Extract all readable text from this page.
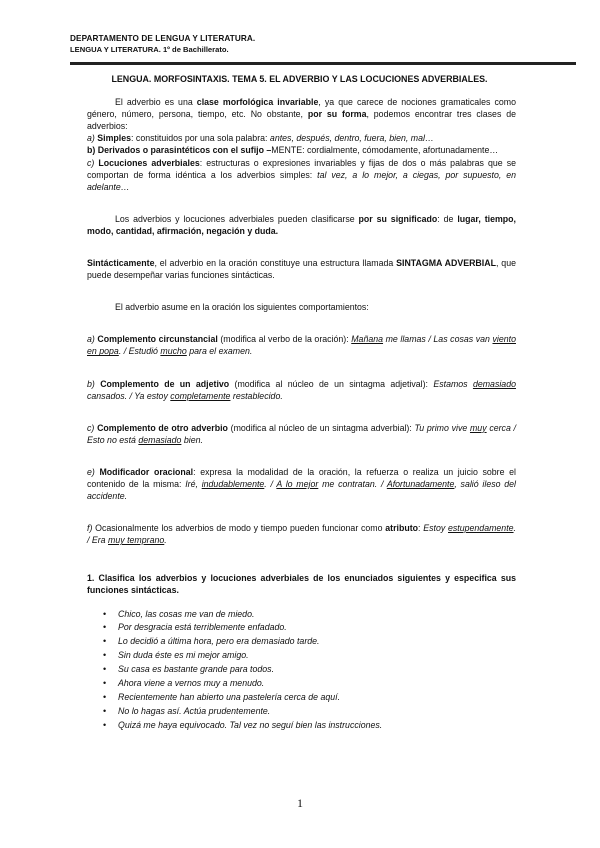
DEPARTAMENTO DE LENGUA Y LITERATURA.
LENGUA Y LITERATURA. 1º de Bachillerato.
LENGUA. MORFOSINTAXIS. TEMA 5. EL ADVERBIO Y LAS LOCUCIONES ADVERBIALES.

El adverbio es una clase morfológica invariable, ya que carece de nociones gramaticales como género, número, persona, tiempo, etc. No obstante, por su forma, podemos encontrar tres clases de adverbios:

a) Simples: constituidos por una sola palabra: antes, después, dentro, fuera, bien, mal…

b) Derivados o parasintéticos con el sufijo –MENTE: cordialmente, cómodamente, afortunadamente…

c) Locuciones adverbiales: estructuras o expresiones invariables y fijas de dos o más palabras que se comportan de forma idéntica a los adverbios simples: tal vez, a lo mejor, a ciegas, por supuesto, en adelante…

Los adverbios y locuciones adverbiales pueden clasificarse por su significado: de lugar, tiempo, modo, cantidad, afirmación, negación y duda.

Sintácticamente, el adverbio en la oración constituye una estructura llamada SINTAGMA ADVERBIAL, que puede desempeñar varias funciones sintácticas.

El adverbio asume en la oración los siguientes comportamientos:

a) Complemento circunstancial (modifica al verbo de la oración): Mañana me llamas / Las cosas van viento en popa. / Estudió mucho para el examen.

b) Complemento de un adjetivo (modifica al núcleo de un sintagma adjetival): Estamos demasiado cansados. / Ya estoy completamente restablecido.

c) Complemento de otro adverbio (modifica al núcleo de un sintagma adverbial): Tu primo vive muy cerca / Esto no está demasiado bien.

e) Modificador oracional: expresa la modalidad de la oración, la refuerza o realiza un juicio sobre el contenido de la misma: Iré, indudablemente. / A lo mejor me contratan. / Afortunadamente, salió ileso del accidente.

f) Ocasionalmente los adverbios de modo y tiempo pueden funcionar como atributo: Estoy estupendamente. / Era muy temprano.

1. Clasifica los adverbios y locuciones adverbiales de los enunciados siguientes y especifica sus funciones sintácticas.

• Chico, las cosas me van de miedo.
• Por desgracia está terriblemente enfadado.
• Lo decidió a última hora, pero era demasiado tarde.
• Sin duda éste es mi mejor amigo.
• Su casa es bastante grande para todos.
• Ahora viene a vernos muy a menudo.
• Recientemente han abierto una pastelería cerca de aquí.
• No lo hagas así. Actúa prudentemente.
• Quizá me haya equivocado. Tal vez no seguí bien las instrucciones.
1
